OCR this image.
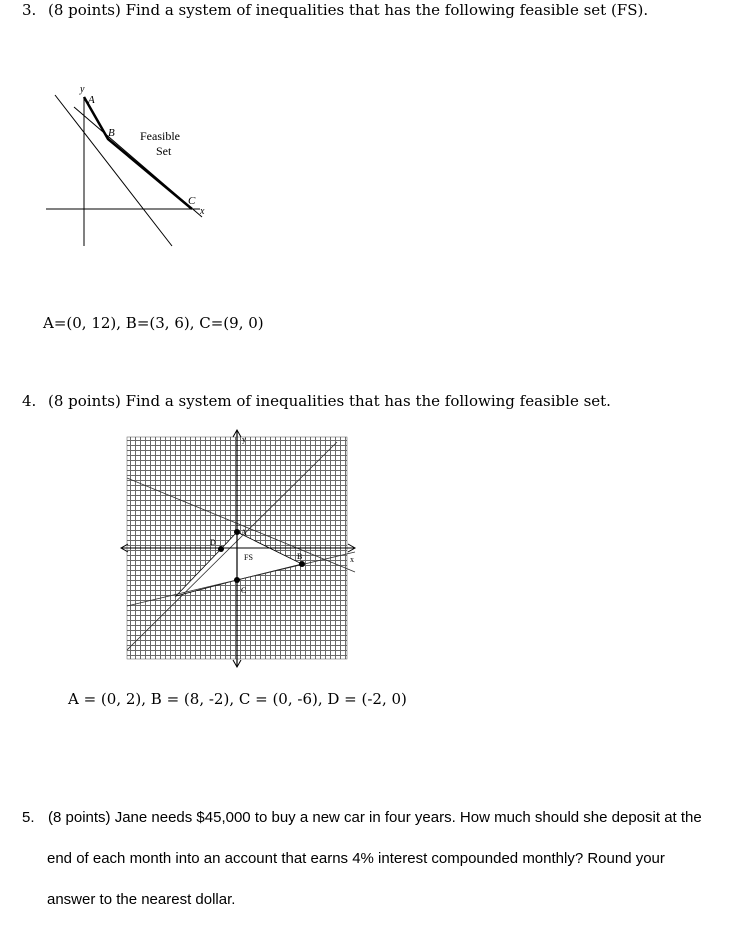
3. (8 points) Find a system of inequalities that has the following feasible set (FS).
y
A
B
C
x
Feasible
Set
A=(0, 12), B=(3, 6), C=(9, 0)
4. (8 points) Find a system of inequalities that has the following feasible set.
y
x
A
B
C
D
FS
A = (0, 2), B = (8, -2), C = (0, -6), D = (-2, 0)
5. (8 points) Jane needs $45,000 to buy a new car in four years. How much should she deposit at the
end of each month into an account that earns 4% interest compounded monthly? Round your
answer to the nearest dollar.
